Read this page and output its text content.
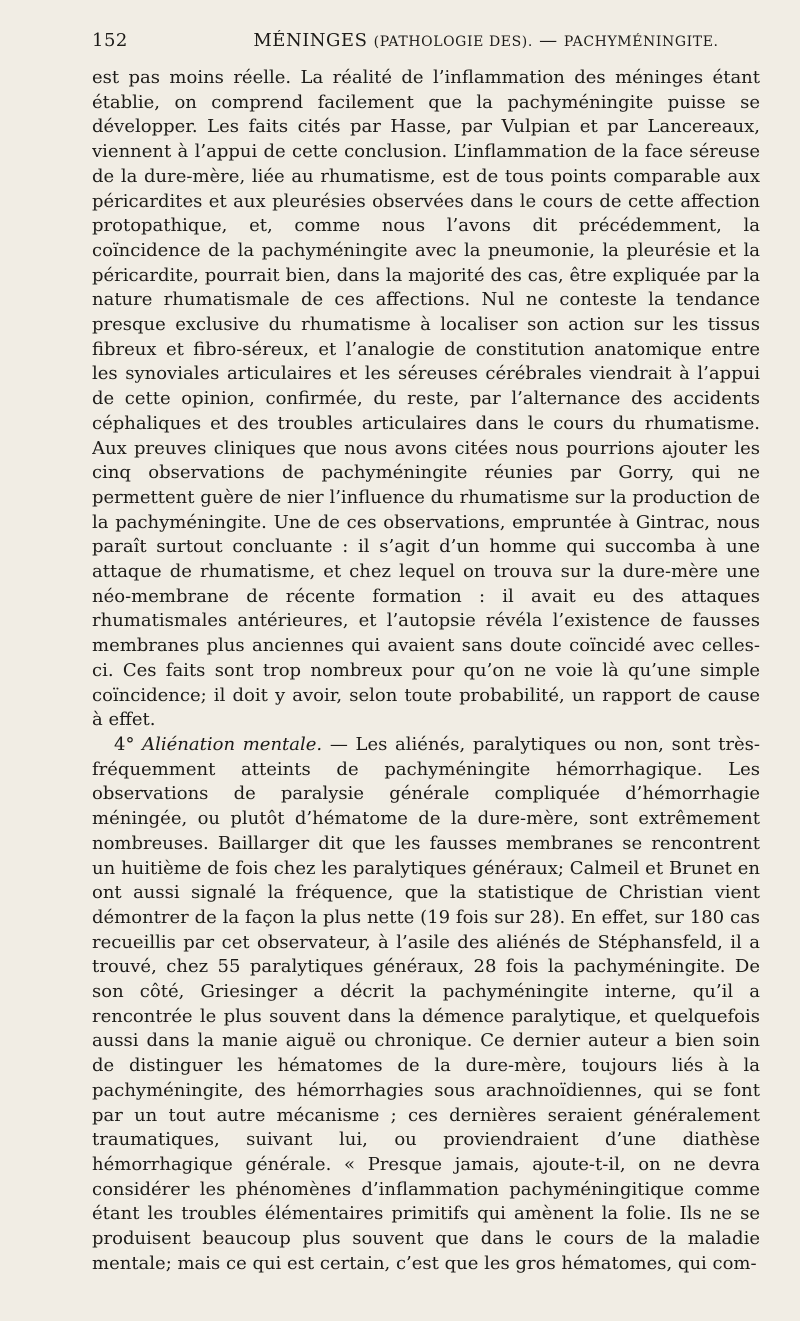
152	MÉNINGES (PATHOLOGIE DES). — PACHYMÉNINGITE.

est pas moins réelle. La réalité de l’inflammation des méninges étant établie, on comprend facilement que la pachyméningite puisse se développer. Les faits cités par Hasse, par Vulpian et par Lancereaux, viennent à l’appui de cette conclusion. L’inflammation de la face séreuse de la dure-mère, liée au rhumatisme, est de tous points comparable aux péricardites et aux pleurésies observées dans le cours de cette affection protopathique, et, comme nous l’avons dit précédemment, la coïncidence de la pachyméningite avec la pneumonie, la pleurésie et la péricardite, pourrait bien, dans la majorité des cas, être expliquée par la nature rhumatismale de ces affections. Nul ne conteste la tendance presque exclusive du rhumatisme à localiser son action sur les tissus fibreux et fibro-séreux, et l’analogie de constitution anatomique entre les synoviales articulaires et les séreuses cérébrales viendrait à l’appui de cette opinion, confirmée, du reste, par l’alternance des accidents céphaliques et des troubles articulaires dans le cours du rhumatisme. Aux preuves cliniques que nous avons citées nous pourrions ajouter les cinq observations de pachyméningite réunies par Gorry, qui ne permettent guère de nier l’influence du rhumatisme sur la production de la pachyméningite. Une de ces observations, empruntée à Gintrac, nous paraît surtout concluante : il s’agit d’un homme qui succomba à une attaque de rhumatisme, et chez lequel on trouva sur la dure-mère une néo-membrane de récente formation : il avait eu des attaques rhumatismales antérieures, et l’autopsie révéla l’existence de fausses membranes plus anciennes qui avaient sans doute coïncidé avec celles-ci. Ces faits sont trop nombreux pour qu’on ne voie là qu’une simple coïncidence; il doit y avoir, selon toute probabilité, un rapport de cause à effet.

4° Aliénation mentale. — Les aliénés, paralytiques ou non, sont très-fréquemment atteints de pachyméningite hémorrhagique. Les observations de paralysie générale compliquée d’hémorrhagie méningée, ou plutôt d’hématome de la dure-mère, sont extrêmement nombreuses. Baillarger dit que les fausses membranes se rencontrent un huitième de fois chez les paralytiques généraux; Calmeil et Brunet en ont aussi signalé la fréquence, que la statistique de Christian vient démontrer de la façon la plus nette (19 fois sur 28). En effet, sur 180 cas recueillis par cet observateur, à l’asile des aliénés de Stéphansfeld, il a trouvé, chez 55 paralytiques généraux, 28 fois la pachyméningite. De son côté, Griesinger a décrit la pachyméningite interne, qu’il a rencontrée le plus souvent dans la démence paralytique, et quelquefois aussi dans la manie aiguë ou chronique. Ce dernier auteur a bien soin de distinguer les hématomes de la dure-mère, toujours liés à la pachyméningite, des hémorrhagies sous arachnoïdiennes, qui se font par un tout autre mécanisme ; ces dernières seraient généralement traumatiques, suivant lui, ou proviendraient d’une diathèse hémorrhagique générale. « Presque jamais, ajoute-t-il, on ne devra considérer les phénomènes d’inflammation pachyméningitique comme étant les troubles élémentaires primitifs qui amènent la folie. Ils ne se produisent beaucoup plus souvent que dans le cours de la maladie mentale; mais ce qui est certain, c’est que les gros hématomes, qui com-
